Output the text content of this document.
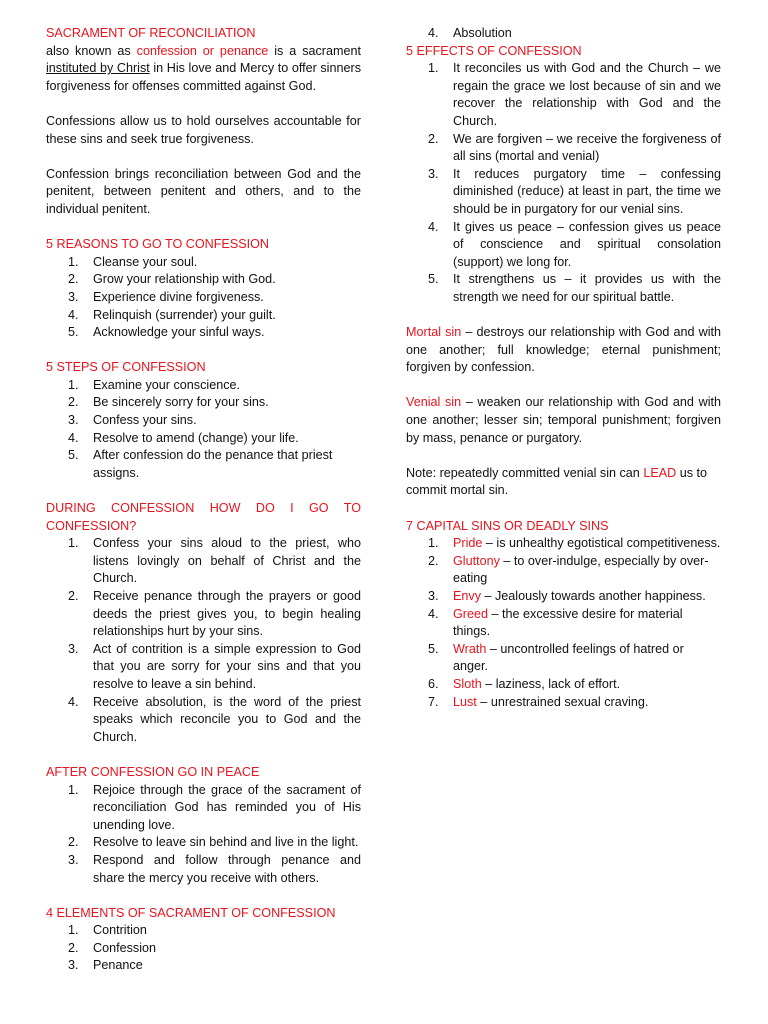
SACRAMENT OF RECONCILIATION

also known as confession or penance is a sacrament instituted by Christ in His love and Mercy to offer sinners forgiveness for offenses committed against God.

Confessions allow us to hold ourselves accountable for these sins and seek true forgiveness.

Confession brings reconciliation between God and the penitent, between penitent and others, and to the individual penitent.

5 REASONS TO GO TO CONFESSION

1. Cleanse your soul.
2. Grow your relationship with God.
3. Experience divine forgiveness.
4. Relinquish (surrender) your guilt.
5. Acknowledge your sinful ways.

5 STEPS OF CONFESSION

1. Examine your conscience.
2. Be sincerely sorry for your sins.
3. Confess your sins.
4. Resolve to amend (change) your life.
5. After confession do the penance that priest assigns.

DURING CONFESSION HOW DO I GO TO CONFESSION?

1. Confess your sins aloud to the priest, who listens lovingly on behalf of Christ and the Church.
2. Receive penance through the prayers or good deeds the priest gives you, to begin healing relationships hurt by your sins.
3. Act of contrition is a simple expression to God that you are sorry for your sins and that you resolve to leave a sin behind.
4. Receive absolution, is the word of the priest speaks which reconcile you to God and the Church.

AFTER CONFESSION GO IN PEACE

1. Rejoice through the grace of the sacrament of reconciliation God has reminded you of His unending love.
2. Resolve to leave sin behind and live in the light.
3. Respond and follow through penance and share the mercy you receive with others.

4 ELEMENTS OF SACRAMENT OF CONFESSION

1. Contrition
2. Confession
3. Penance
4. Absolution

5 EFFECTS OF CONFESSION

1. It reconciles us with God and the Church – we regain the grace we lost because of sin and we recover the relationship with God and the Church.
2. We are forgiven – we receive the forgiveness of all sins (mortal and venial)
3. It reduces purgatory time – confessing diminished (reduce) at least in part, the time we should be in purgatory for our venial sins.
4. It gives us peace – confession gives us peace of conscience and spiritual consolation (support) we long for.
5. It strengthens us – it provides us with the strength we need for our spiritual battle.

Mortal sin – destroys our relationship with God and with one another; full knowledge; eternal punishment; forgiven by confession.

Venial sin – weaken our relationship with God and with one another; lesser sin; temporal punishment; forgiven by mass, penance or purgatory.

Note: repeatedly committed venial sin can LEAD us to commit mortal sin.

7 CAPITAL SINS OR DEADLY SINS

1. Pride – is unhealthy egotistical competitiveness.
2. Gluttony – to over-indulge, especially by over-eating
3. Envy – Jealously towards another happiness.
4. Greed – the excessive desire for material things.
5. Wrath – uncontrolled feelings of hatred or anger.
6. Sloth – laziness, lack of effort.
7. Lust – unrestrained sexual craving.
